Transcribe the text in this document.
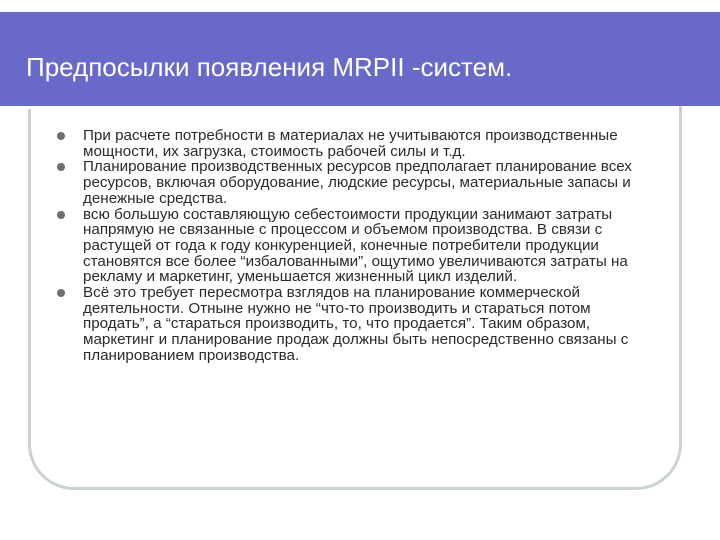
Предпосылки появления MRPII -систем.
При расчете потребности в материалах не учитываются производственные мощности, их загрузка, стоимость рабочей силы и т.д.
Планирование производственных ресурсов предполагает планирование всех ресурсов, включая оборудование, людские ресурсы, материальные запасы и денежные средства.
всю большую составляющую себестоимости продукции занимают затраты напрямую не связанные с процессом и объемом производства. В связи с растущей от года к году конкуренцией, конечные потребители продукции становятся все более “избалованными”, ощутимо увеличиваются затраты на рекламу и маркетинг, уменьшается жизненный цикл изделий.
Всё это требует пересмотра взглядов на планирование коммерческой деятельности. Отныне нужно не “что-то производить и стараться потом продать”, а “стараться производить, то, что продается”. Таким образом, маркетинг и планирование продаж должны быть непосредственно связаны с планированием производства.
